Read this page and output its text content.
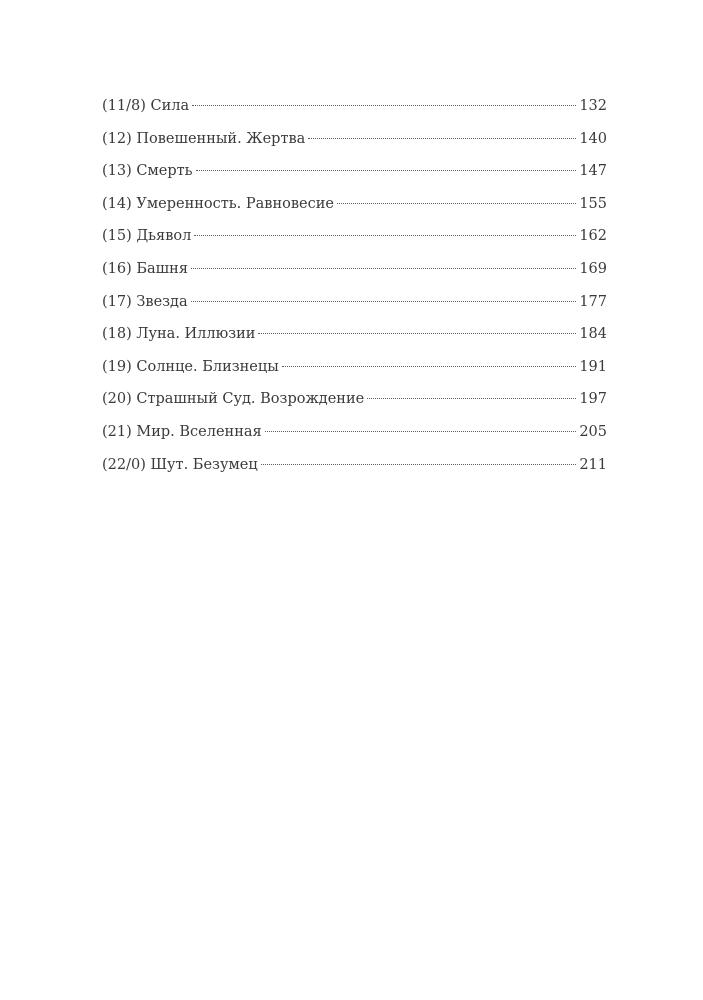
(11/8) Сила	132
(12) Повешенный. Жертва	140
(13) Смерть	147
(14) Умеренность. Равновесие	155
(15) Дьявол	162
(16) Башня	169
(17) Звезда	177
(18) Луна. Иллюзии	184
(19) Солнце. Близнецы	191
(20) Страшный Суд. Возрождение	197
(21) Мир. Вселенная	205
(22/0) Шут. Безумец	211
